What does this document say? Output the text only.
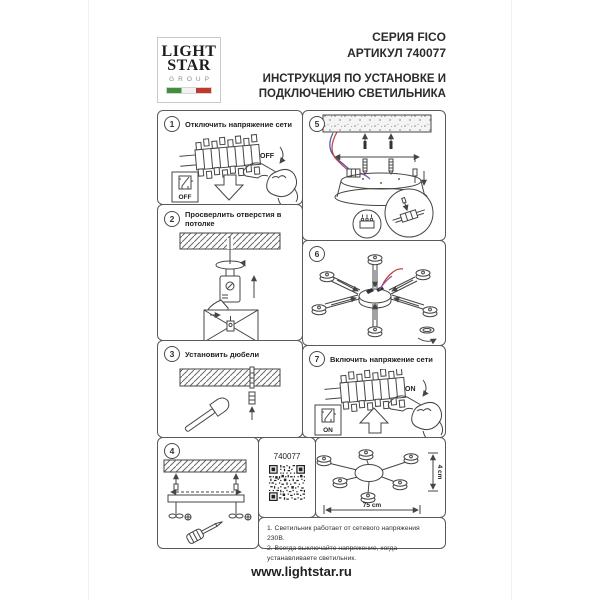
LIGHT
STAR
GROUP
СЕРИЯ FICO
АРТИКУЛ 740077
ИНСТРУКЦИЯ ПО УСТАНОВКЕ И
ПОДКЛЮЧЕНИЮ СВЕТИЛЬНИКА
1	Отключить напряжение сети
OFF
OFF
2	Просверлить отверстия в потолке
3	Установить дюбели
4
5
6
7	Включить напряжение сети
ON
ON
740077
4 cm
75 cm
1. Светильник работает от сетевого напряжения 230В.
2. Всегда выключайте напряжение, когда устанавливаете светильник.
www.lightstar.ru
